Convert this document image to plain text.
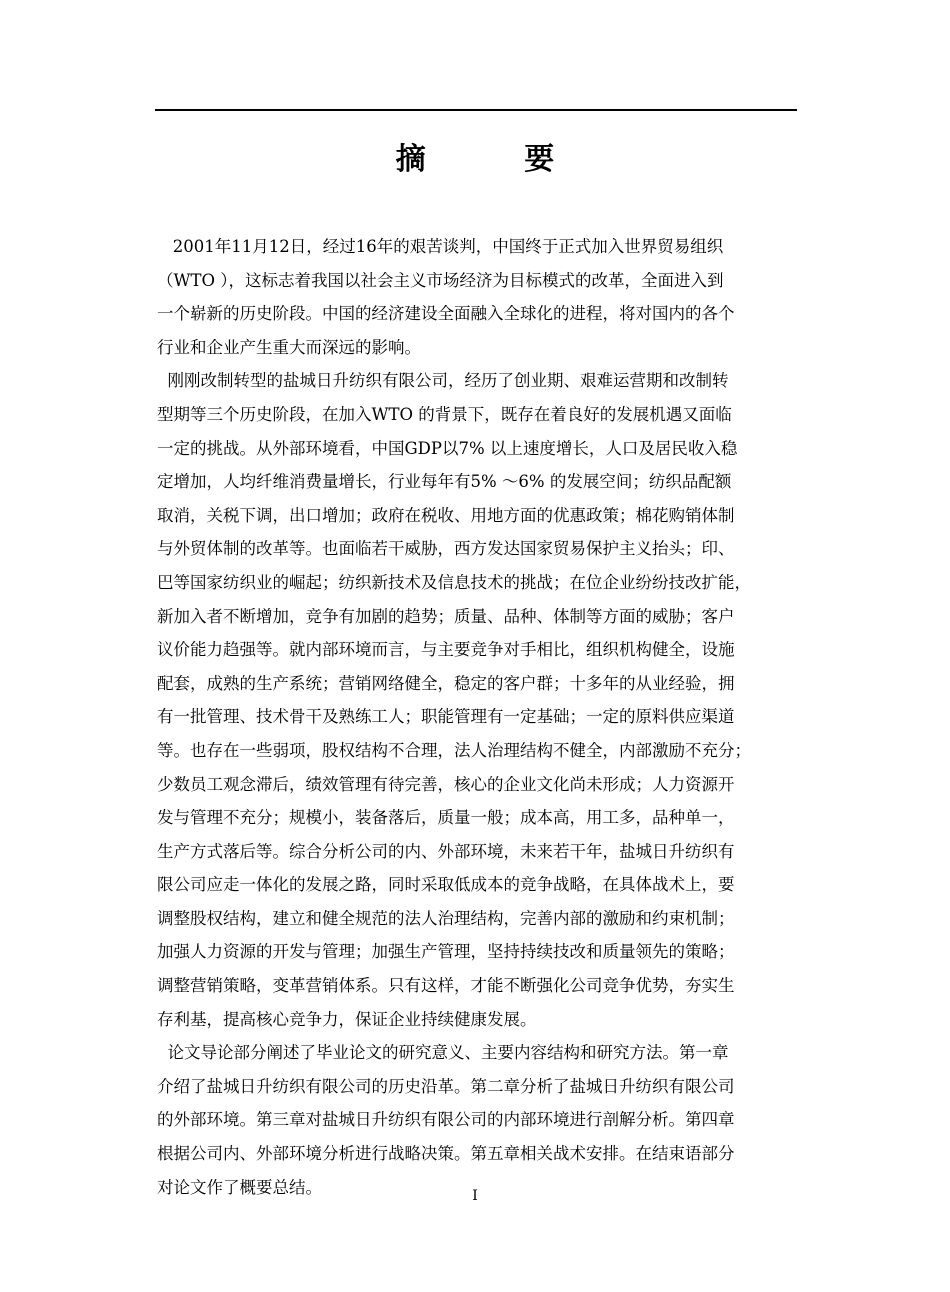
摘 要
2001年11月12日，经过16年的艰苦谈判，中国终于正式加入世界贸易组织
（WTO ），这标志着我国以社会主义市场经济为目标模式的改革，全面进入到
一个崭新的历史阶段。中国的经济建设全面融入全球化的进程，将对国内的各个
行业和企业产生重大而深远的影响。
刚刚改制转型的盐城日升纺织有限公司，经历了创业期、艰难运营期和改制转
型期等三个历史阶段，在加入WTO 的背景下，既存在着良好的发展机遇又面临
一定的挑战。从外部环境看，中国GDP以7% 以上速度增长，人口及居民收入稳
定增加，人均纤维消费量增长，行业每年有5% ～6% 的发展空间；纺织品配额
取消，关税下调，出口增加；政府在税收、用地方面的优惠政策；棉花购销体制
与外贸体制的改革等。也面临若干威胁，西方发达国家贸易保护主义抬头；印、
巴等国家纺织业的崛起；纺织新技术及信息技术的挑战；在位企业纷纷技改扩能，
新加入者不断增加，竞争有加剧的趋势；质量、品种、体制等方面的威胁；客户
议价能力趋强等。就内部环境而言，与主要竞争对手相比，组织机构健全，设施
配套，成熟的生产系统；营销网络健全，稳定的客户群；十多年的从业经验，拥
有一批管理、技术骨干及熟练工人；职能管理有一定基础；一定的原料供应渠道
等。也存在一些弱项，股权结构不合理，法人治理结构不健全，内部激励不充分；
少数员工观念滞后，绩效管理有待完善，核心的企业文化尚未形成；人力资源开
发与管理不充分；规模小，装备落后，质量一般；成本高，用工多，品种单一，
生产方式落后等。综合分析公司的内、外部环境，未来若干年，盐城日升纺织有
限公司应走一体化的发展之路，同时采取低成本的竞争战略，在具体战术上，要
调整股权结构，建立和健全规范的法人治理结构，完善内部的激励和约束机制；
加强人力资源的开发与管理；加强生产管理，坚持持续技改和质量领先的策略；
调整营销策略，变革营销体系。只有这样，才能不断强化公司竞争优势，夯实生
存利基，提高核心竞争力，保证企业持续健康发展。
论文导论部分阐述了毕业论文的研究意义、主要内容结构和研究方法。第一章
介绍了盐城日升纺织有限公司的历史沿革。第二章分析了盐城日升纺织有限公司
的外部环境。第三章对盐城日升纺织有限公司的内部环境进行剖解分析。第四章
根据公司内、外部环境分析进行战略决策。第五章相关战术安排。在结束语部分
对论文作了概要总结。	I
